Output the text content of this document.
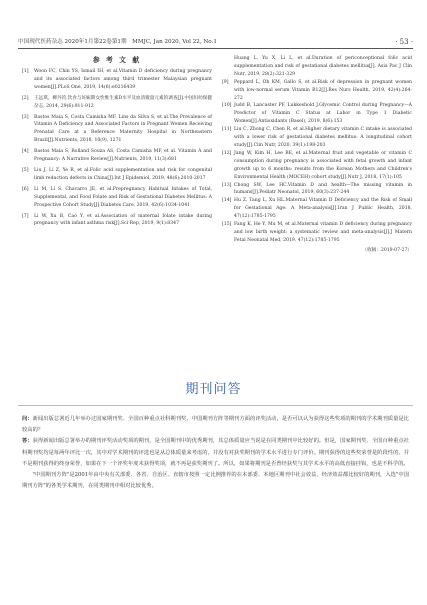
中国现代医药杂志 2020年1月第22卷第1期　MMJC, Jan 2020, Vol 22, No.1	· 53 ·
参 考 文 献
[1] Woon FC, Chin YS, Ismail IH, et al.Vitamin D deficiency during pregnancy and its associated factors among third trimester Malaysian pregnant women[J].PLoS One, 2019, 14(6):e0216439
[2] 王远琪，柳丹钧.饮食与妊娠期女性维生素D水平及血清微量元素的调查[J].中国妇幼保健杂志, 2014, 29(6):911-912
[3] Bastos Maia S, Costa Camisha MF, Lins da Silva S, et al.The Prevalence of Vitamin A Deficiency and Associated Factors in Pregnant Women Receiving Prenatal Care at a Reference Maternity Hospital in Northeastern Brazil[J].Nutrients, 2018, 10(9), 1271
[4] Bastos Maia S, Rolland Souza AS, Costa Camisha MF, et al. Vitamin A and Pregnancy: A Narrative Review[J].Nutrients, 2019, 11(3):681
[5] Liu J, Li Z, Ye R, et al.Folic acid supplementation and risk for congenital limb reduction defects in China[J].Int J Epidemiol, 2019, 48(6):2010-2017
[6] Li M, Li S, Chavarro JE, et al.Prepregnancy Habitual Intakes of Total, Supplemental, and Food Folate and Risk of Gestational Diabetes Mellitus: A Prospective Cohort Study[J].Diabetes Care, 2019, 42(6):1034-1041
[7] Li W, Xu B, Cao Y, et al.Association of maternal folate intake during pregnancy with infant asthma risk[J].Sci Rep, 2019, 9(1):8347
Huang L, Yu X, Li L, et al.Duration of periconceptional folic acid supplementation and risk of gestational diabetes mellitus[J]. Asia Pac J Clin Nutr, 2019, 28(2):321-329
[9] Peppard L, Oh KM, Gallo S, et al.Risk of depression in pregnant women with low-normal serum Vitamin B12[J].Res Nurs Health, 2019, 42(4):264-272
[10] Judd B, Lancaster PF, Lukkeshold J.Glycemic Control during Pregnancy—A Predictor of Vitamin C Status at Labor in Type 1 Diabetic Women[J].Antioxidants (Basel), 2019, 8(6):153
[11] Liu C, Zhong C, Chen R, et al.Higher dietary vitamin C intake is associated with a lower risk of gestational diabetes mellitus: A longitudinal cohort study[J].Clin Nutr, 2020, 39(1):198-203
[12] Jang W, Kim H, Lee BE, et al.Maternal fruit and vegetable or vitamin C consumption during pregnancy is associated with fetal growth and infant growth up to 6 months: results from the Korean Mothers and Children's Environmental Health (MOCEH) cohort study[J].Nutr J, 2018, 17(1):105
[13] Chong SW, Lee HC.Vitamin D and health—The missing vitamin in humans[J].Pediatr Neonatol, 2019, 60(3):237-244
[14] Hu Z, Tang L, Xu HL.Maternal Vitamin D Deficiency and the Risk of Small for Gestational Age: A Meta-analysis[J].Iran J Public Health, 2018, 47(12):1785-1795
[15] Fang K, He Y, Mu M, et al.Maternal vitamin D deficiency during pregnancy and low birth weight: a systematic review and meta-analysis[J].J Matern Fetal Neonatal Med, 2019, 47(12):1785-1795
（收稿：2019-07-27）
期刊问答

问：新闻出版总署近几年举办过国家期刊奖、全国百种重点社科期刊奖、中国期刊方阵等期刊方面的评奖活动，是否可以认为获得这些奖项的期刊的学术期刊质量是比较高的？

答：获得新闻出版总署举办的期刊评奖活动奖项的期刊，是全国期刊中的优秀期刊，其总体质量应当说是在同类期刊中比较好的。但是，国家期刊奖、全国百种重点社科期刊奖均是每两年评比一次，其中对学术期刊的评选也是从总体质量来考虑的，并没有对获奖期刊的学术水平进行专门评价。期刊获得的这些奖荣誉是阶段性的，并不是期刊获得的终身荣誉，如果在下一个评奖年度未获得奖项，就不再是获奖期刊了。所以，如果将期刊是否曾经获奖与其学术水平的高低直接挂钩，也是不科学的。

"中国期刊方阵"是2001年由中央有关部委、各省、自治区、直辖市按照一定比例推荐的在本部委、本地区期刊中社会效益、经济效益都比较好的期刊，入选"中国期刊方阵"的各类学术期刊，在同类期刊中相对比较优秀。
